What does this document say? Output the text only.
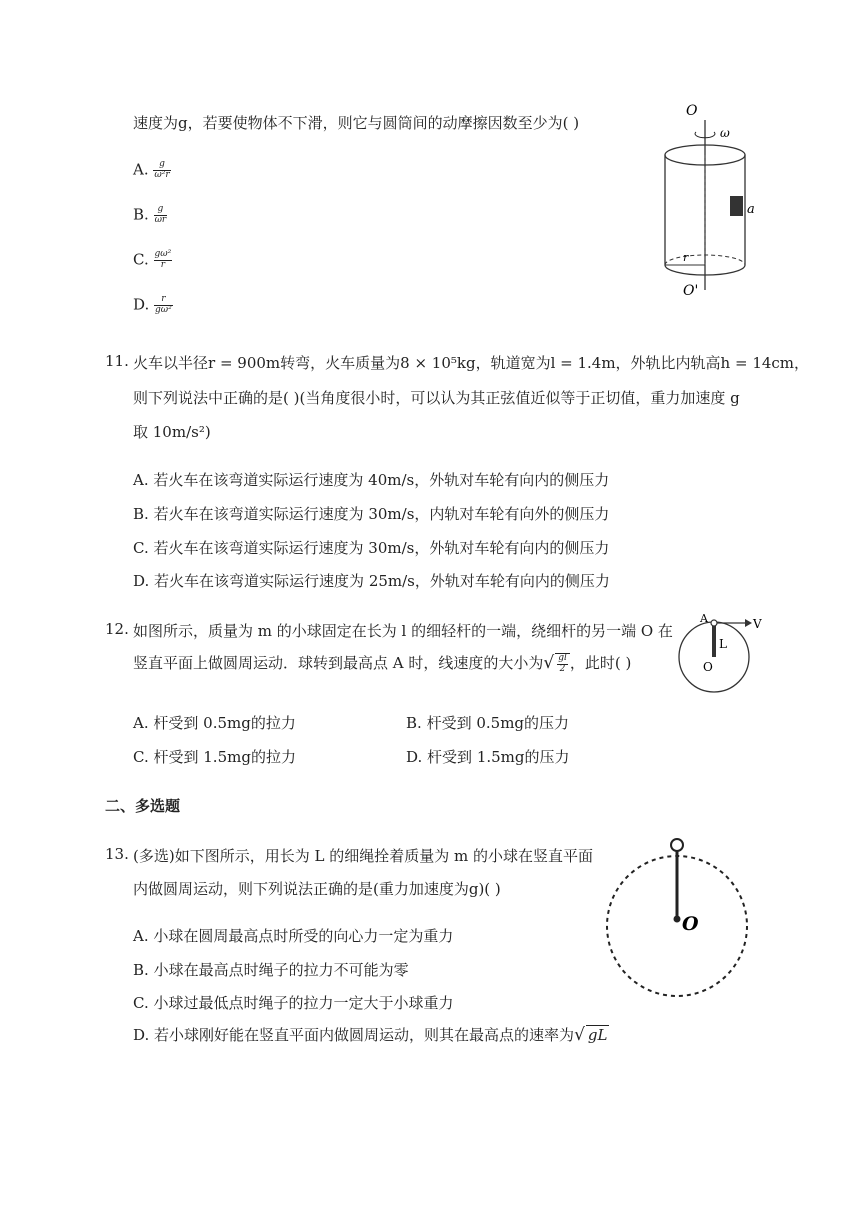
速度为g，若要使物体不下滑，则它与圆筒间的动摩擦因数至少为( )
A. $\frac{g}{\text{ω²r}}$
B. $\frac{g}{\omega r}$
C. $\frac{\text{gω²}}{r}$
D. $\frac{r}{\text{gω²}}$
O
ω
r
a
O'
11. 火车以半径r = 900m转弯，火车质量为8 × 10⁵kg，轨道宽为l = 1.4m，外轨比内轨高h = 14cm，
则下列说法中正确的是( )(当角度很小时，可以认为其正弦值近似等于正切值，重力加速度 g
取 10m/s²)
A. 若火车在该弯道实际运行速度为 40m/s，外轨对车轮有向内的侧压力
B. 若火车在该弯道实际运行速度为 30m/s，内轨对车轮有向外的侧压力
C. 若火车在该弯道实际运行速度为 30m/s，外轨对车轮有向内的侧压力
D. 若火车在该弯道实际运行速度为 25m/s，外轨对车轮有向内的侧压力
12. 如图所示，质量为 m 的小球固定在长为 l 的细轻杆的一端，绕细杆的另一端 O 在
竖直平面上做圆周运动．球转到最高点 A 时，线速度的大小为√ $\frac{gl}{2}$ ，此时( )
A	V
L
O
A. 杆受到 0.5mg的拉力	B. 杆受到 0.5mg的压力
C. 杆受到 1.5mg的拉力	D. 杆受到 1.5mg的压力
二、多选题
13. (多选)如下图所示，用长为 L 的细绳拴着质量为 m 的小球在竖直平面
内做圆周运动，则下列说法正确的是(重力加速度为g)( )
A. 小球在圆周最高点时所受的向心力一定为重力
B. 小球在最高点时绳子的拉力不可能为零
C. 小球过最低点时绳子的拉力一定大于小球重力
D. 若小球刚好能在竖直平面内做圆周运动，则其在最高点的速率为√ gL
O
